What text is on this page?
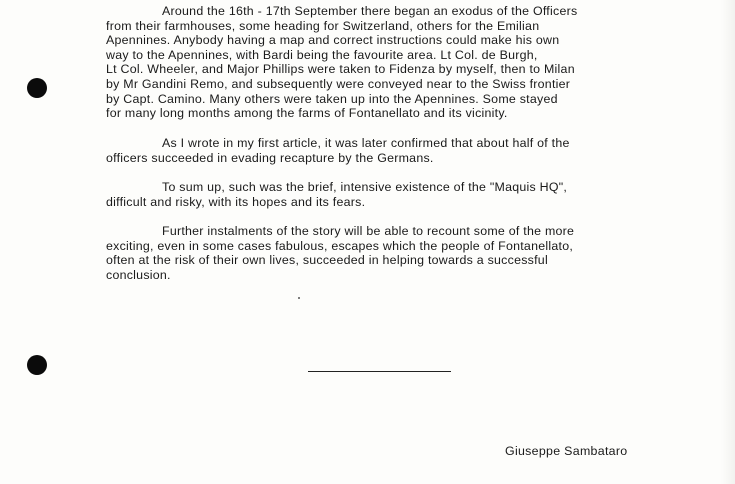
Around the 16th - 17th September there began an exodus of the Officers
from their farmhouses, some heading for Switzerland, others for the Emilian
Apennines. Anybody having a map and correct instructions could make his own
way to the Apennines, with Bardi being the favourite area. Lt Col. de Burgh,
Lt Col. Wheeler, and Major Phillips were taken to Fidenza by myself, then to Milan
by Mr Gandini Remo, and subsequently were conveyed near to the Swiss frontier
by Capt. Camino. Many others were taken up into the Apennines. Some stayed
for many long months among the farms of Fontanellato and its vicinity.

As I wrote in my first article, it was later confirmed that about half of the
officers succeeded in evading recapture by the Germans.

To sum up, such was the brief, intensive existence of the "Maquis HQ",
difficult and risky, with its hopes and its fears.

Further instalments of the story will be able to recount some of the more
exciting, even in some cases fabulous, escapes which the people of Fontanellato,
often at the risk of their own lives, succeeded in helping towards a successful
conclusion.

Giuseppe Sambataro
